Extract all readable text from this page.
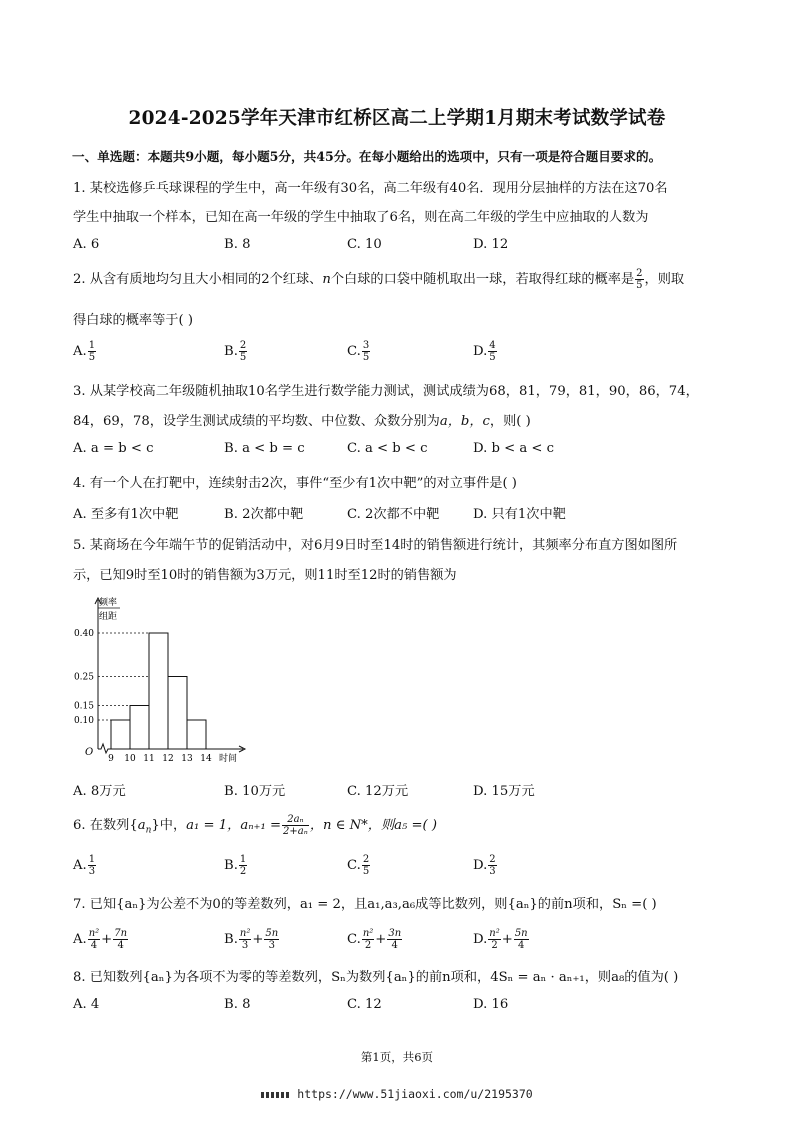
2024-2025学年天津市红桥区高二上学期1月期末考试数学试卷
一、单选题：本题共9小题，每小题5分，共45分。在每小题给出的选项中，只有一项是符合题目要求的。
1. 某校选修乒乓球课程的学生中，高一年级有30名，高二年级有40名．现用分层抽样的方法在这70名
学生中抽取一个样本，已知在高一年级的学生中抽取了6名，则在高二年级的学生中应抽取的人数为
A. 6	B. 8	C. 10	D. 12
2. 从含有质地均匀且大小相同的2个红球、n个白球的口袋中随机取出一球，若取得红球的概率是 $\frac{2}{5}$ ，则取
得白球的概率等于( )
A. $\frac{1}{5}$	B. $\frac{2}{5}$	C. $\frac{3}{5}$	D. $\frac{4}{5}$
3. 从某学校高二年级随机抽取10名学生进行数学能力测试，测试成绩为68，81，79，81，90，86，74，
84，69，78，设学生测试成绩的平均数、中位数、众数分别为a，b，c，则( )
A. a = b < c	B. a < b = c	C. a < b < c	D. b < a < c
4. 有一个人在打靶中，连续射击2次，事件“至少有1次中靶”的对立事件是( )
A. 至多有1次中靶	B. 2次都中靶	C. 2次都不中靶	D. 只有1次中靶
5. 某商场在今年端午节的促销活动中，对6月9日时至14时的销售额进行统计，其频率分布直方图如图所
示，已知9时至10时的销售额为3万元，则11时至12时的销售额为
频率
组距
0.10
0.15
0.25
0.40
9 10 11 12 13 14 时间
O
A. 8万元	B. 10万元	C. 12万元	D. 15万元
6. 在数列$\{a_n\}$中，a₁ = 1，$a_{n+1} = \frac{\text{2aₙ}}{\text{2+aₙ}}$ ，n ∈ N*，则a₅ =( )
A. $\frac{1}{3}$	B. $\frac{1}{2}$	C. $\frac{2}{5}$	D. $\frac{2}{3}$
7. 已知{aₙ}为公差不为0的等差数列，a₁ = 2，且a₁,a₃,a₆成等比数列，则{aₙ}的前n项和，Sₙ =( )
A. $\frac{\text{n²}}{4} + \frac{7n}{4}$	B. $\frac{\text{n²}}{3} + \frac{5n}{3}$	C. $\frac{\text{n²}}{2} + \frac{3n}{4}$	D. $\frac{\text{n²}}{2} + \frac{5n}{4}$
8. 已知数列{aₙ}为各项不为零的等差数列，Sₙ为数列{aₙ}的前n项和，4Sₙ = aₙ · aₙ₊₁，则a₈的值为( )
A. 4	B. 8	C. 12	D. 16
第1页，共6页
https://www.51jiaoxi.com/u/2195370
